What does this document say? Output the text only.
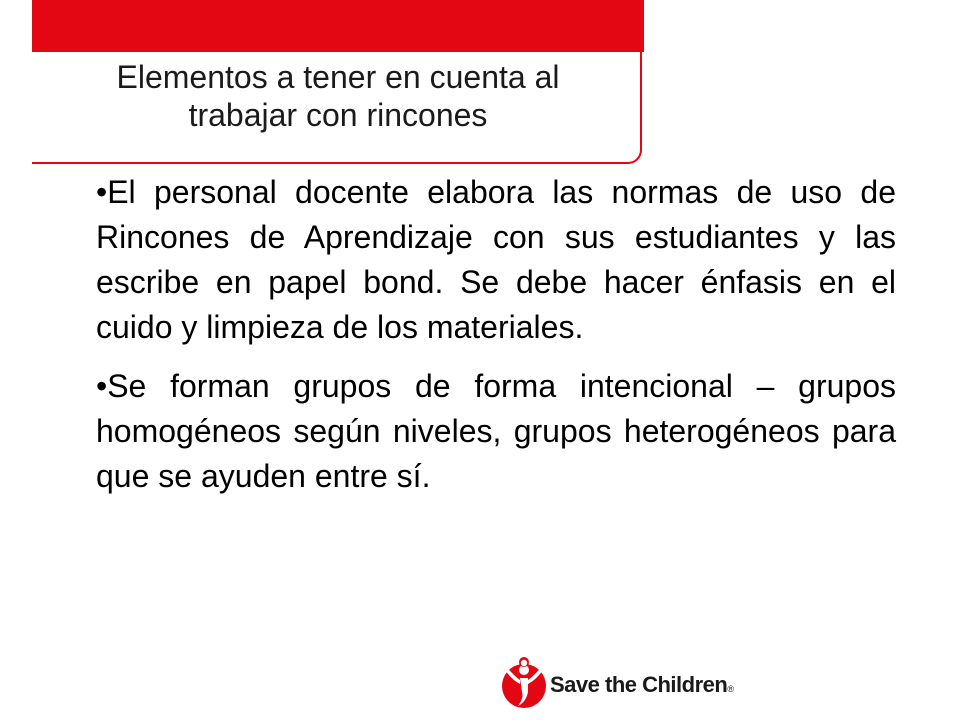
Elementos a tener en cuenta al
trabajar con rincones

•El personal docente elabora las normas de uso de Rincones de Aprendizaje con sus estudiantes y las escribe en papel bond. Se debe hacer énfasis en el cuido y limpieza de los materiales.

•Se forman grupos de forma intencional – grupos homogéneos según niveles, grupos heterogéneos para que se ayuden entre sí.

Save the Children®
